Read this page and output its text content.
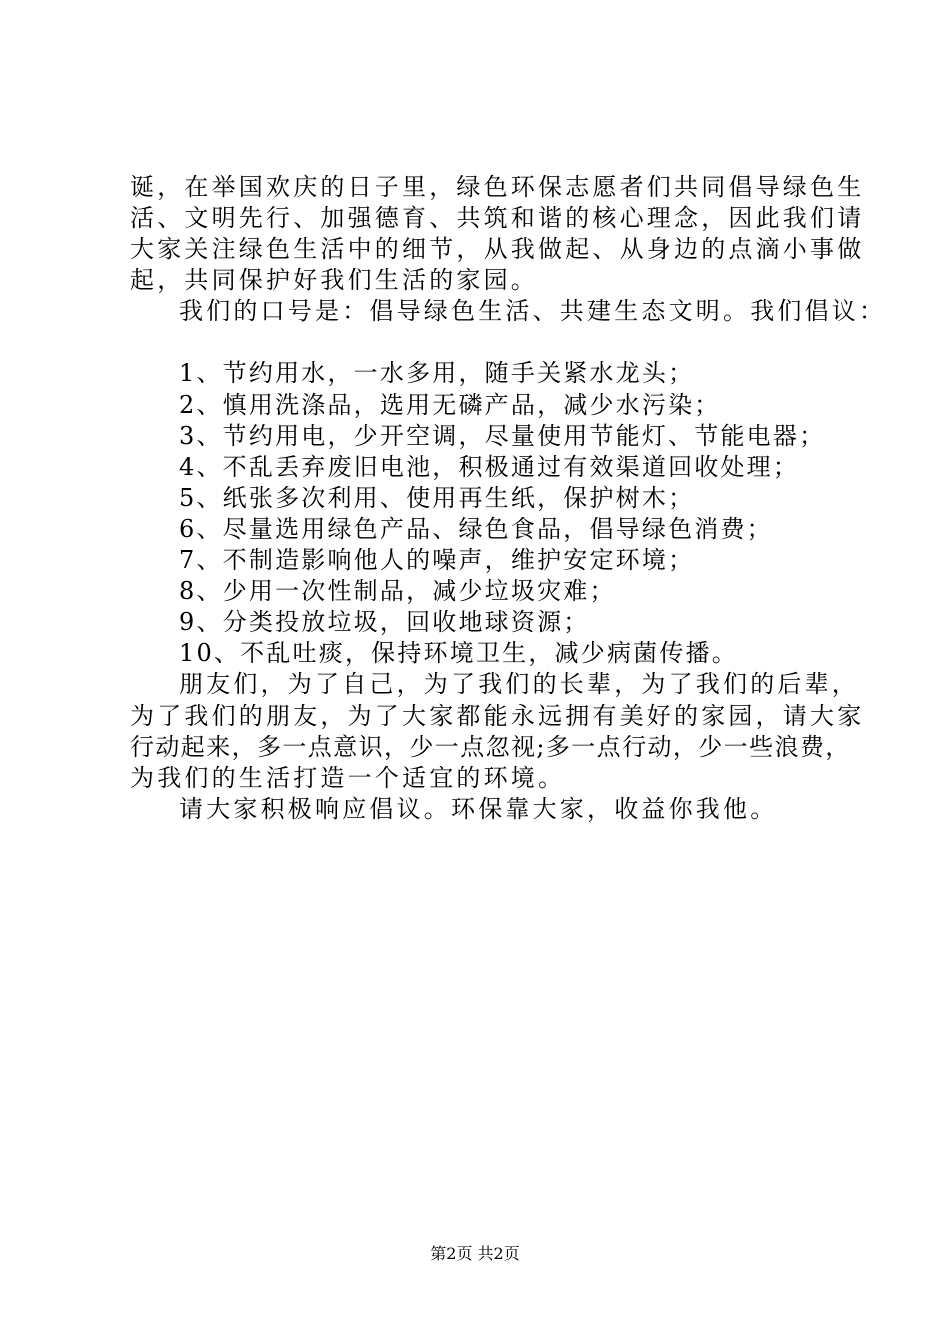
诞，在举国欢庆的日子里，绿色环保志愿者们共同倡导绿色生
活、文明先行、加强德育、共筑和谐的核心理念，因此我们请
大家关注绿色生活中的细节，从我做起、从身边的点滴小事做
起，共同保护好我们生活的家园。
我们的口号是：倡导绿色生活、共建生态文明。我们倡议：
1、节约用水，一水多用，随手关紧水龙头；
2、慎用洗涤品，选用无磷产品，减少水污染；
3、节约用电，少开空调，尽量使用节能灯、节能电器；
4、不乱丢弃废旧电池，积极通过有效渠道回收处理；
5、纸张多次利用、使用再生纸，保护树木；
6、尽量选用绿色产品、绿色食品，倡导绿色消费；
7、不制造影响他人的噪声，维护安定环境；
8、少用一次性制品，减少垃圾灾难；
9、分类投放垃圾，回收地球资源；
10、不乱吐痰，保持环境卫生，减少病菌传播。
朋友们，为了自己，为了我们的长辈，为了我们的后辈，
为了我们的朋友，为了大家都能永远拥有美好的家园，请大家
行动起来，多一点意识，少一点忽视;多一点行动，少一些浪费，
为我们的生活打造一个适宜的环境。
请大家积极响应倡议。环保靠大家，收益你我他。
第2页 共2页
